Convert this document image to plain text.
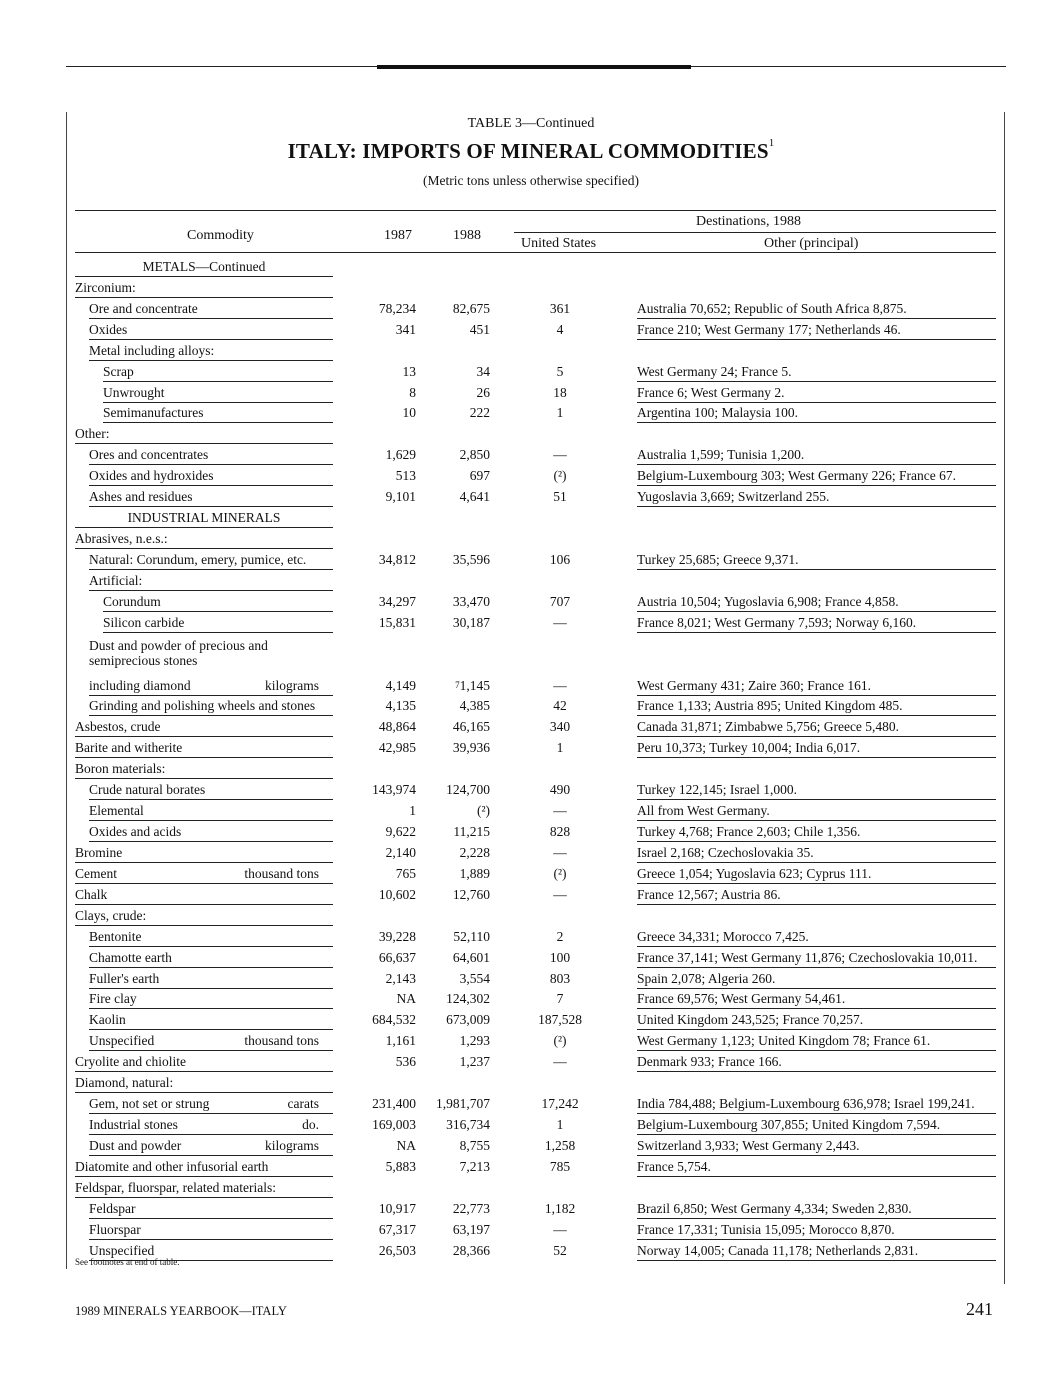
TABLE 3—Continued
ITALY: IMPORTS OF MINERAL COMMODITIES$^1$
(Metric tons unless otherwise specified)
Commodity	1987	1988
Destinations, 1988
United States	Other (principal)
METALS—Continued
Zirconium:
Ore and concentrate	78,234	82,675	361	Australia 70,652; Republic of South Africa 8,875.
Oxides	341	451	4	France 210; West Germany 177; Netherlands 46.
Metal including alloys:
Scrap	13	34	5	West Germany 24; France 5.
Unwrought	8	26	18	France 6; West Germany 2.
Semimanufactures	10	222	1	Argentina 100; Malaysia 100.
Other:
Ores and concentrates	1,629	2,850	—	Australia 1,599; Tunisia 1,200.
Oxides and hydroxides	513	697	(²)	Belgium-Luxembourg 303; West Germany 226; France 67.
Ashes and residues	9,101	4,641	51	Yugoslavia 3,669; Switzerland 255.
INDUSTRIAL MINERALS
Abrasives, n.e.s.:
Natural: Corundum, emery, pumice, etc.	34,812	35,596	106	Turkey 25,685; Greece 9,371.
Artificial:
Corundum	34,297	33,470	707	Austria 10,504; Yugoslavia 6,908; France 4,858.
Silicon carbide	15,831	30,187	—	France 8,021; West Germany 7,593; Norway 6,160.
Dust and powder of precious and
semiprecious stones
including diamond	kilograms	4,149	$^7$1,145	—	West Germany 431; Zaire 360; France 161.
Grinding and polishing wheels and stones	4,135	4,385	42	France 1,133; Austria 895; United Kingdom 485.
Asbestos, crude	48,864	46,165	340	Canada 31,871; Zimbabwe 5,756; Greece 5,480.
Barite and witherite	42,985	39,936	1	Peru 10,373; Turkey 10,004; India 6,017.
Boron materials:
Crude natural borates	143,974	124,700	490	Turkey 122,145; Israel 1,000.
Elemental	1	(²)	—	All from West Germany.
Oxides and acids	9,622	11,215	828	Turkey 4,768; France 2,603; Chile 1,356.
Bromine	2,140	2,228	—	Israel 2,168; Czechoslovakia 35.
Cement	thousand tons	765	1,889	(²)	Greece 1,054; Yugoslavia 623; Cyprus 111.
Chalk	10,602	12,760	—	France 12,567; Austria 86.
Clays, crude:
Bentonite	39,228	52,110	2	Greece 34,331; Morocco 7,425.
Chamotte earth	66,637	64,601	100	France 37,141; West Germany 11,876; Czechoslovakia 10,011.
Fuller's earth	2,143	3,554	803	Spain 2,078; Algeria 260.
Fire clay	NA	124,302	7	France 69,576; West Germany 54,461.
Kaolin	684,532	673,009	187,528	United Kingdom 243,525; France 70,257.
Unspecified	thousand tons	1,161	1,293	(²)	West Germany 1,123; United Kingdom 78; France 61.
Cryolite and chiolite	536	1,237	—	Denmark 933; France 166.
Diamond, natural:
Gem, not set or strung	carats	231,400	1,981,707	17,242	India 784,488; Belgium-Luxembourg 636,978; Israel 199,241.
Industrial stones	do.	169,003	316,734	1	Belgium-Luxembourg 307,855; United Kingdom 7,594.
Dust and powder	kilograms	NA	8,755	1,258	Switzerland 3,933; West Germany 2,443.
Diatomite and other infusorial earth	5,883	7,213	785	France 5,754.
Feldspar, fluorspar, related materials:
Feldspar	10,917	22,773	1,182	Brazil 6,850; West Germany 4,334; Sweden 2,830.
Fluorspar	67,317	63,197	—	France 17,331; Tunisia 15,095; Morocco 8,870.
Unspecified	26,503	28,366	52	Norway 14,005; Canada 11,178; Netherlands 2,831.
See footnotes at end of table.
1989 MINERALS YEARBOOK—ITALY	241
